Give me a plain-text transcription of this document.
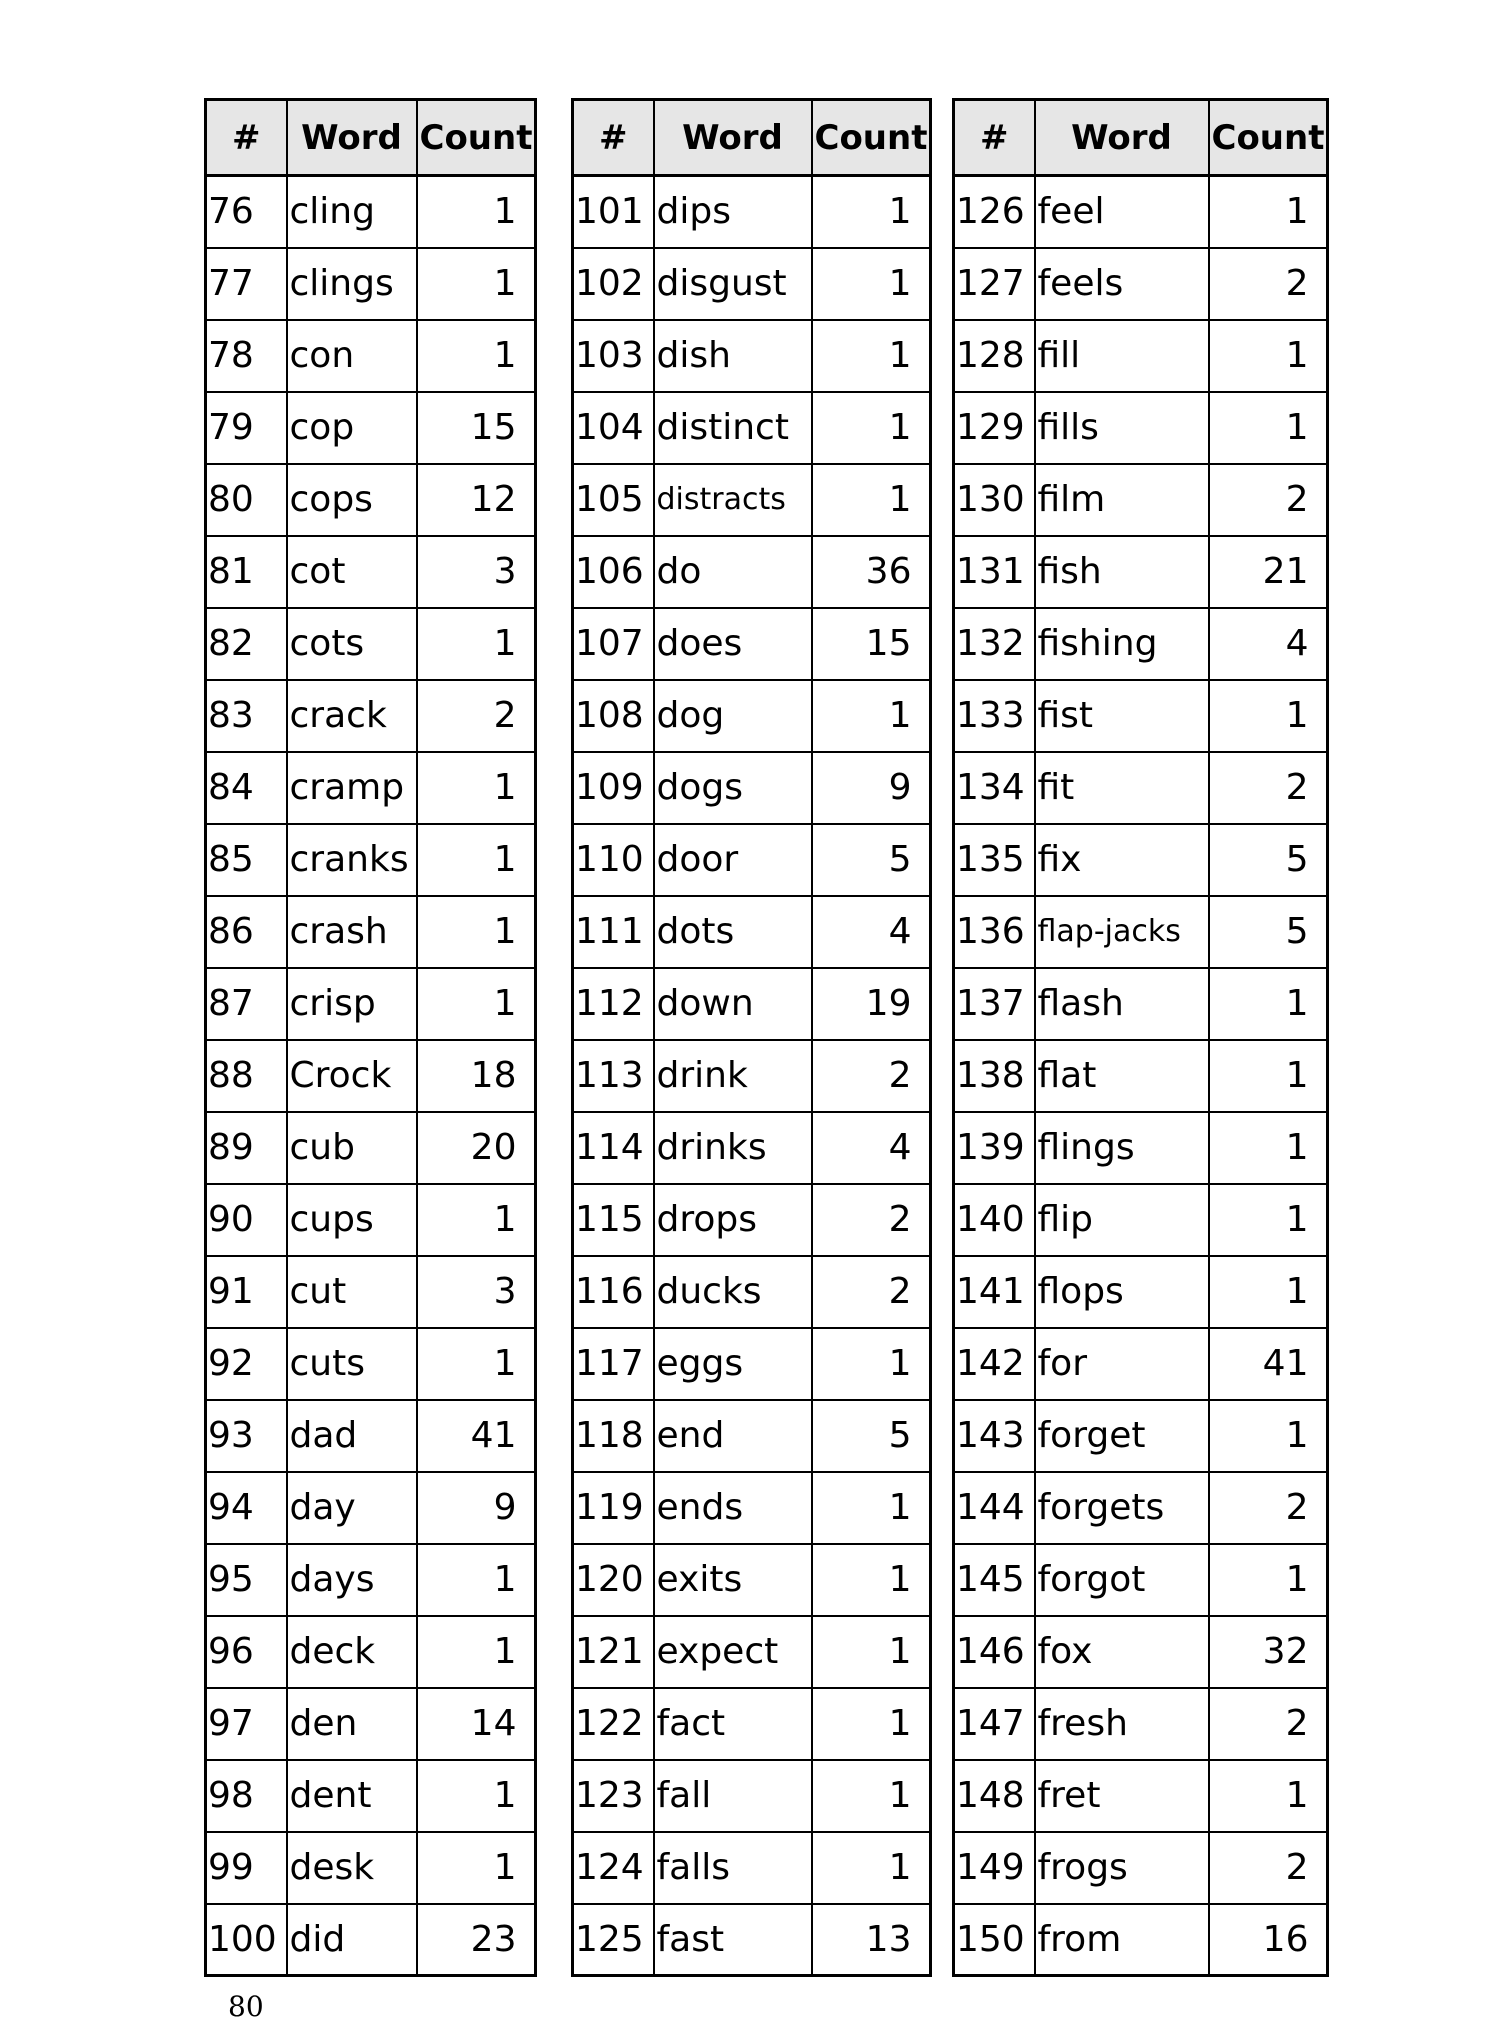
#	Word	Count
76	cling	1
77	clings	1
78	con	1
79	cop	15
80	cops	12
81	cot	3
82	cots	1
83	crack	2
84	cramp	1
85	cranks	1
86	crash	1
87	crisp	1
88	Crock	18
89	cub	20
90	cups	1
91	cut	3
92	cuts	1
93	dad	41
94	day	9
95	days	1
96	deck	1
97	den	14
98	dent	1
99	desk	1
100	did	23
#	Word	Count
101	dips	1
102	disgust	1
103	dish	1
104	distinct	1
105	distracts	1
106	do	36
107	does	15
108	dog	1
109	dogs	9
110	door	5
111	dots	4
112	down	19
113	drink	2
114	drinks	4
115	drops	2
116	ducks	2
117	eggs	1
118	end	5
119	ends	1
120	exits	1
121	expect	1
122	fact	1
123	fall	1
124	falls	1
125	fast	13
#	Word	Count
126	feel	1
127	feels	2
128	fill	1
129	fills	1
130	film	2
131	fish	21
132	fishing	4
133	fist	1
134	fit	2
135	fix	5
136	flap-jacks	5
137	flash	1
138	flat	1
139	flings	1
140	flip	1
141	flops	1
142	for	41
143	forget	1
144	forgets	2
145	forgot	1
146	fox	32
147	fresh	2
148	fret	1
149	frogs	2
150	from	16
80
